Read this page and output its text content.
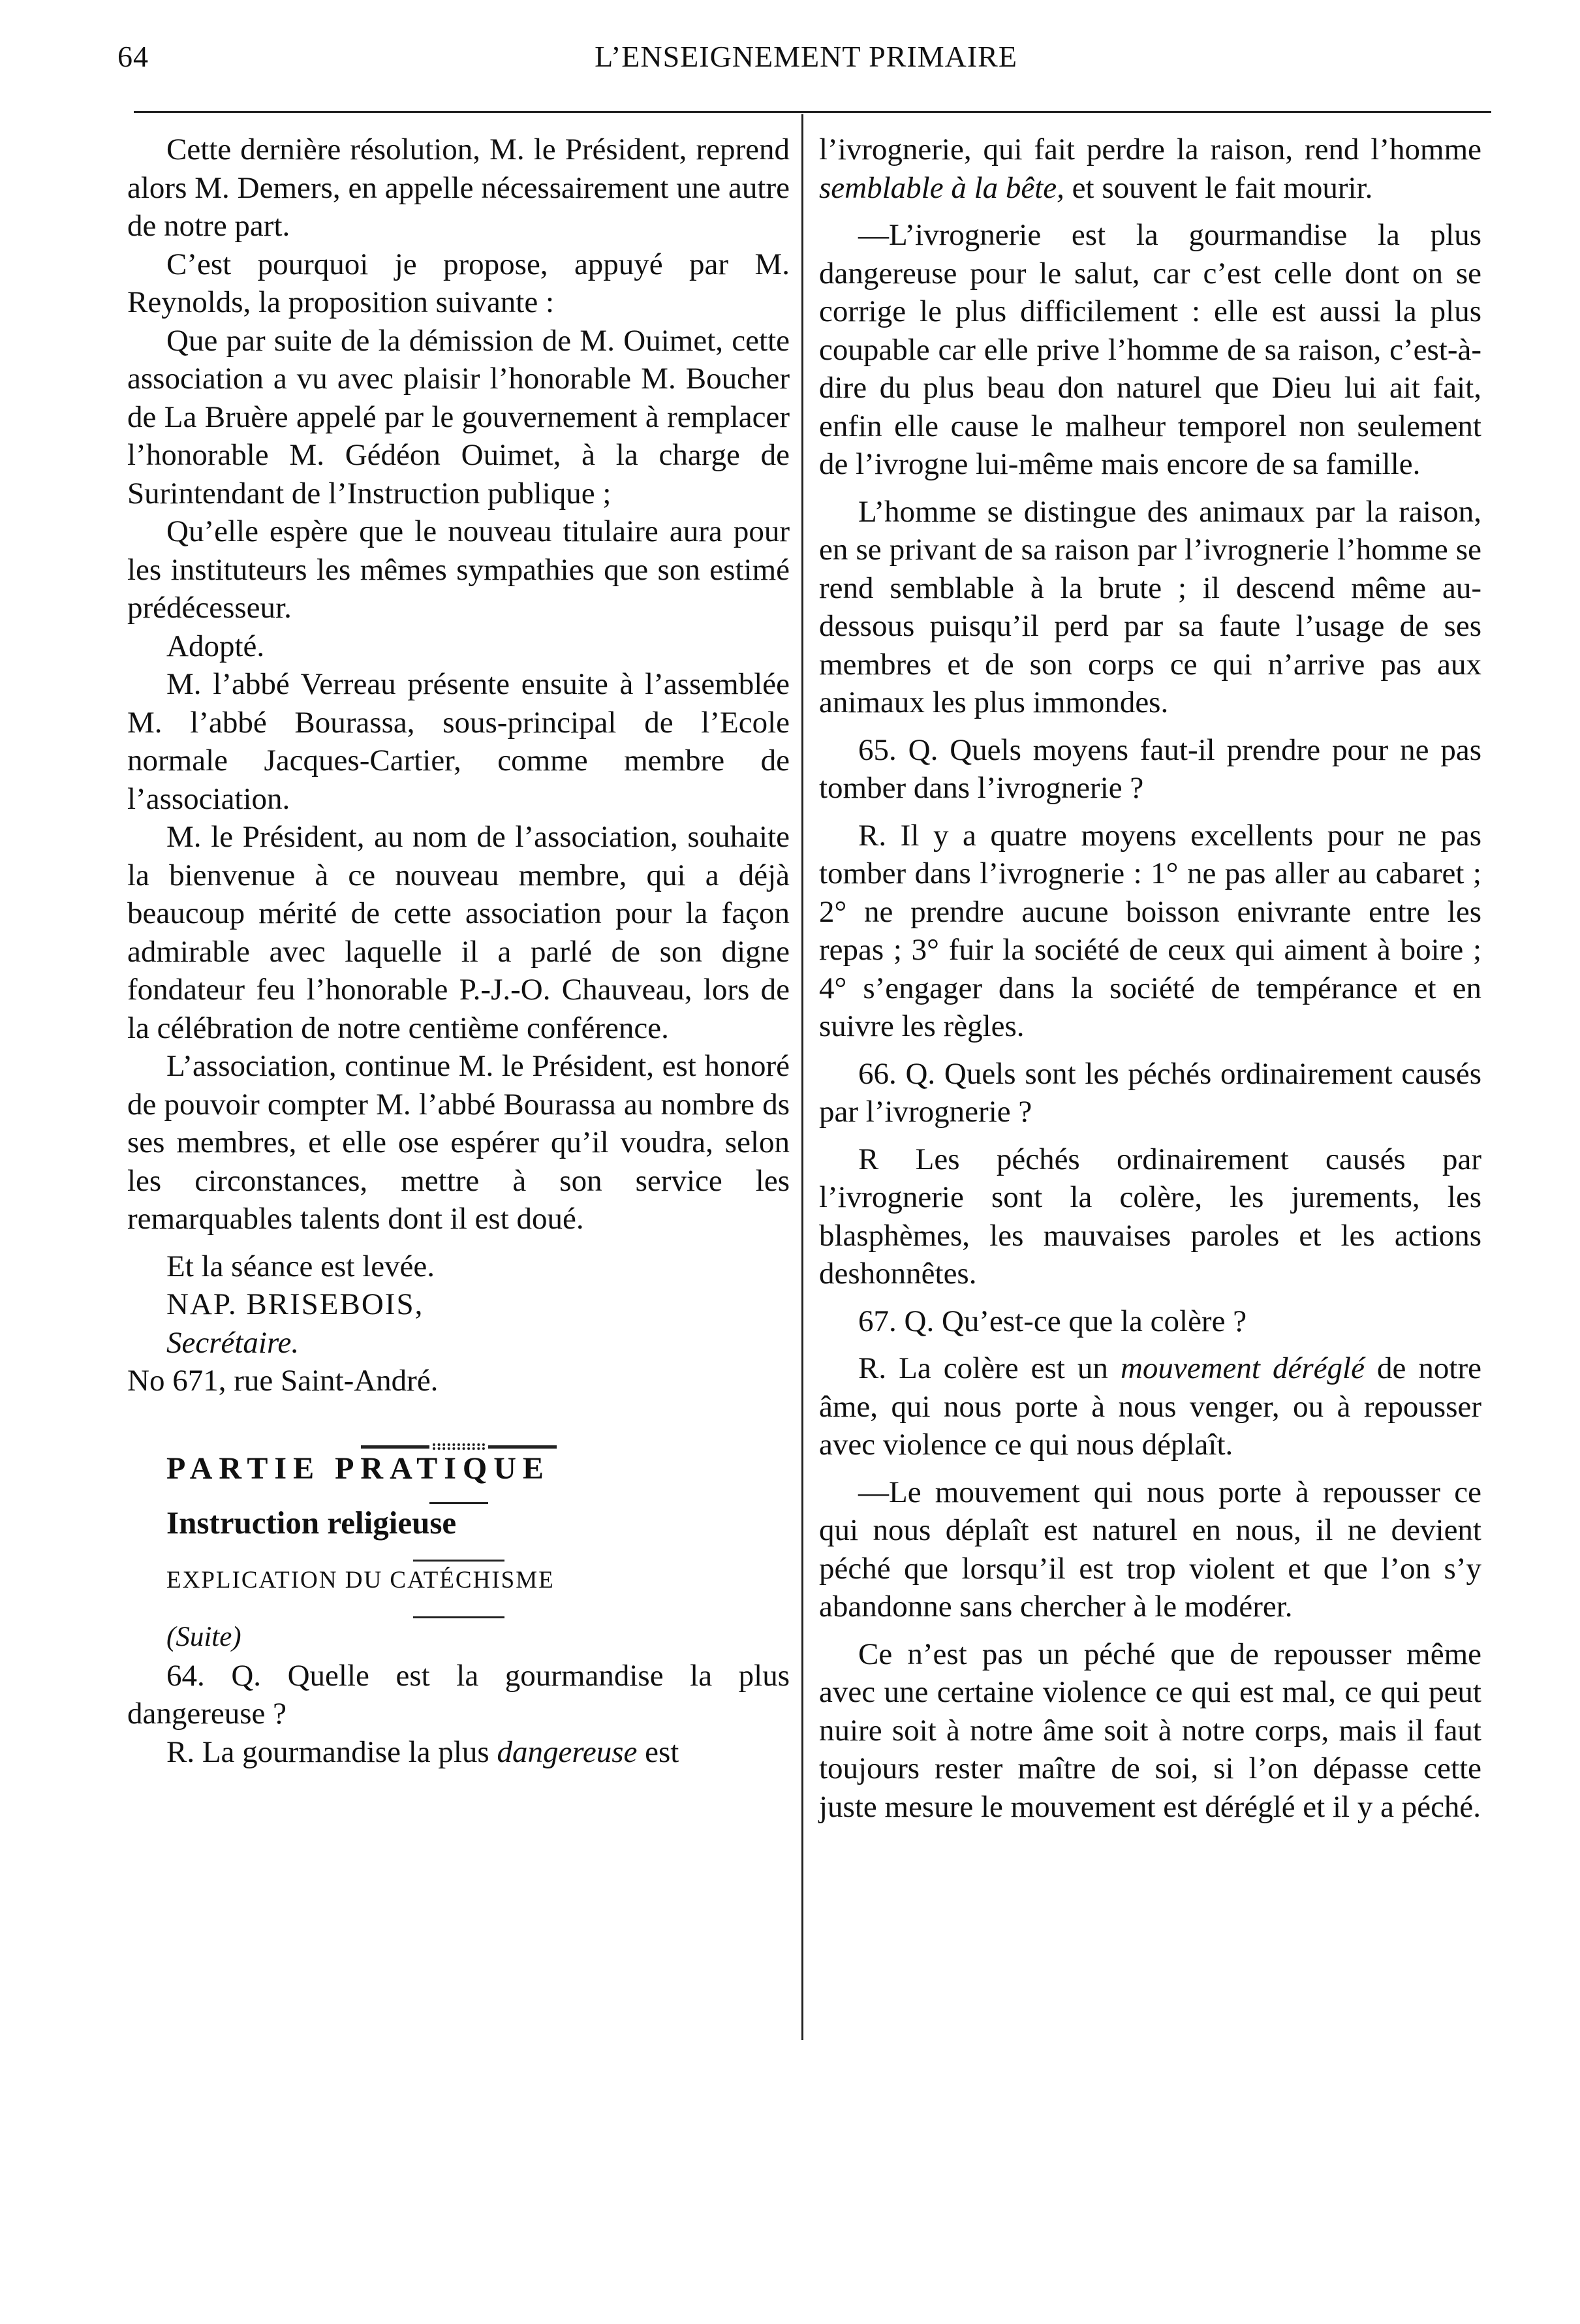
64	L’ENSEIGNEMENT PRIMAIRE

Cette dernière résolution, M. le Président, reprend alors M. Demers, en appelle nécessairement une autre de notre part.

C’est pourquoi je propose, appuyé par M. Reynolds, la proposition suivante :

Que par suite de la démission de M. Ouimet, cette association a vu avec plaisir l’honorable M. Boucher de La Bruère appelé par le gouvernement à remplacer l’honorable M. Gédéon Ouimet, à la charge de Surintendant de l’Instruction publique ;

Qu’elle espère que le nouveau titulaire aura pour les instituteurs les mêmes sympathies que son estimé prédécesseur.

Adopté.

M. l’abbé Verreau présente ensuite à l’assemblée M. l’abbé Bourassa, sous-principal de l’Ecole normale Jacques-Cartier, comme membre de l’association.

M. le Président, au nom de l’association, souhaite la bienvenue à ce nouveau membre, qui a déjà beaucoup mérité de cette association pour la façon admirable avec laquelle il a parlé de son digne fondateur feu l’honorable P.-J.-O. Chauveau, lors de la célébration de notre centième conférence.

L’association, continue M. le Président, est honoré de pouvoir compter M. l’abbé Bourassa au nombre ds ses membres, et elle ose espérer qu’il voudra, selon les circonstances, mettre à son service les remarquables talents dont il est doué.

Et la séance est levée.

NAP. BRISEBOIS,

Secrétaire.

No 671, rue Saint-André.

PARTIE PRATIQUE

Instruction religieuse

EXPLICATION DU CATÉCHISME

(Suite)

64. Q. Quelle est la gourmandise la plus dangereuse ?

R. La gourmandise la plus dangereuse est

l’ivrognerie, qui fait perdre la raison, rend l’homme semblable à la bête, et souvent le fait mourir.

—L’ivrognerie est la gourmandise la plus dangereuse pour le salut, car c’est celle dont on se corrige le plus difficilement : elle est aussi la plus coupable car elle prive l’homme de sa raison, c’est-à-dire du plus beau don naturel que Dieu lui ait fait, enfin elle cause le malheur temporel non seulement de l’ivrogne lui-même mais encore de sa famille.

L’homme se distingue des animaux par la raison, en se privant de sa raison par l’ivrognerie l’homme se rend semblable à la brute ; il descend même au-dessous puisqu’il perd par sa faute l’usage de ses membres et de son corps ce qui n’arrive pas aux animaux les plus immondes.

65. Q. Quels moyens faut-il prendre pour ne pas tomber dans l’ivrognerie ?

R. Il y a quatre moyens excellents pour ne pas tomber dans l’ivrognerie : 1° ne pas aller au cabaret ; 2° ne prendre aucune boisson enivrante entre les repas ; 3° fuir la société de ceux qui aiment à boire ; 4° s’engager dans la société de tempérance et en suivre les règles.

66. Q. Quels sont les péchés ordinairement causés par l’ivrognerie ?

R Les péchés ordinairement causés par l’ivrognerie sont la colère, les jurements, les blasphèmes, les mauvaises paroles et les actions deshonnêtes.

67. Q. Qu’est-ce que la colère ?

R. La colère est un mouvement déréglé de notre âme, qui nous porte à nous venger, ou à repousser avec violence ce qui nous déplaît.

—Le mouvement qui nous porte à repousser ce qui nous déplaît est naturel en nous, il ne devient péché que lorsqu’il est trop violent et que l’on s’y abandonne sans chercher à le modérer.

Ce n’est pas un péché que de repousser même avec une certaine violence ce qui est mal, ce qui peut nuire soit à notre âme soit à notre corps, mais il faut toujours rester maître de soi, si l’on dépasse cette juste mesure le mouvement est déréglé et il y a péché.
